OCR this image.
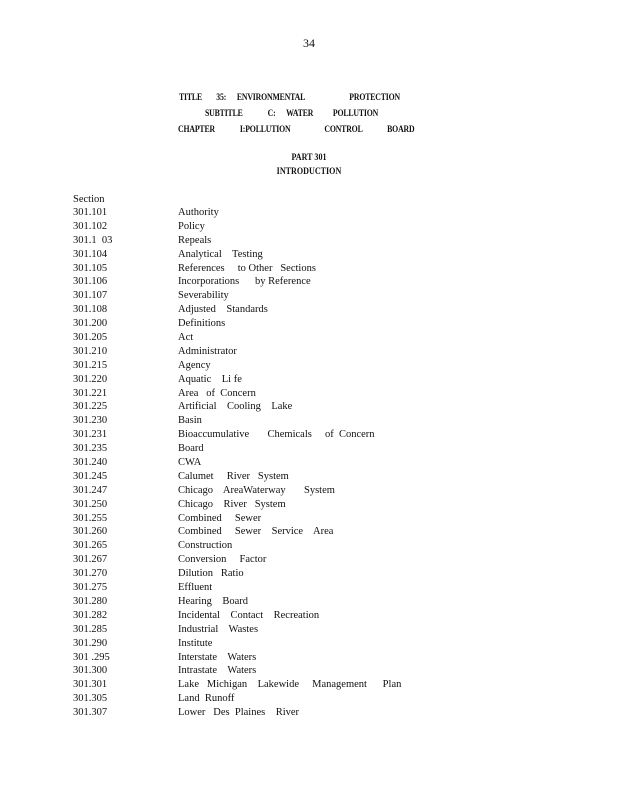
34
TITLE        35:      ENVIRONMENTAL                         PROTECTION
SUBTITLE              C:      WATER           POLLUTION
CHAPTER              I:POLLUTION                   CONTROL              BOARD
PART 301
INTRODUCTION
Section
301.101	Authority
301.102	Policy
301.1  03	Repeals
301.104	Analytical    Testing
301.105	References     to Other   Sections
301.106	Incorporations      by Reference
301.107	Severability
301.108	Adjusted    Standards
301.200	Definitions
301.205	Act
301.210	Administrator
301.215	Agency
301.220	Aquatic    Li fe
301.221	Area   of  Concern
301.225	Artificial    Cooling    Lake
301.230	Basin
301.231	Bioaccumulative       Chemicals     of  Concern
301.235	Board
301.240	CWA
301.245	Calumet     River   System
301.247	Chicago    AreaWaterway       System
301.250	Chicago    River   System
301.255	Combined     Sewer
301.260	Combined     Sewer    Service    Area
301.265	Construction
301.267	Conversion     Factor
301.270	Dilution   Ratio
301.275	Effluent
301.280	Hearing    Board
301.282	Incidental    Contact    Recreation
301.285	Industrial    Wastes
301.290	Institute
301 .295	Interstate    Waters
301.300	Intrastate    Waters
301.301	Lake   Michigan    Lakewide     Management      Plan
301.305	Land  Runoff
301.307	Lower   Des  Plaines    River
